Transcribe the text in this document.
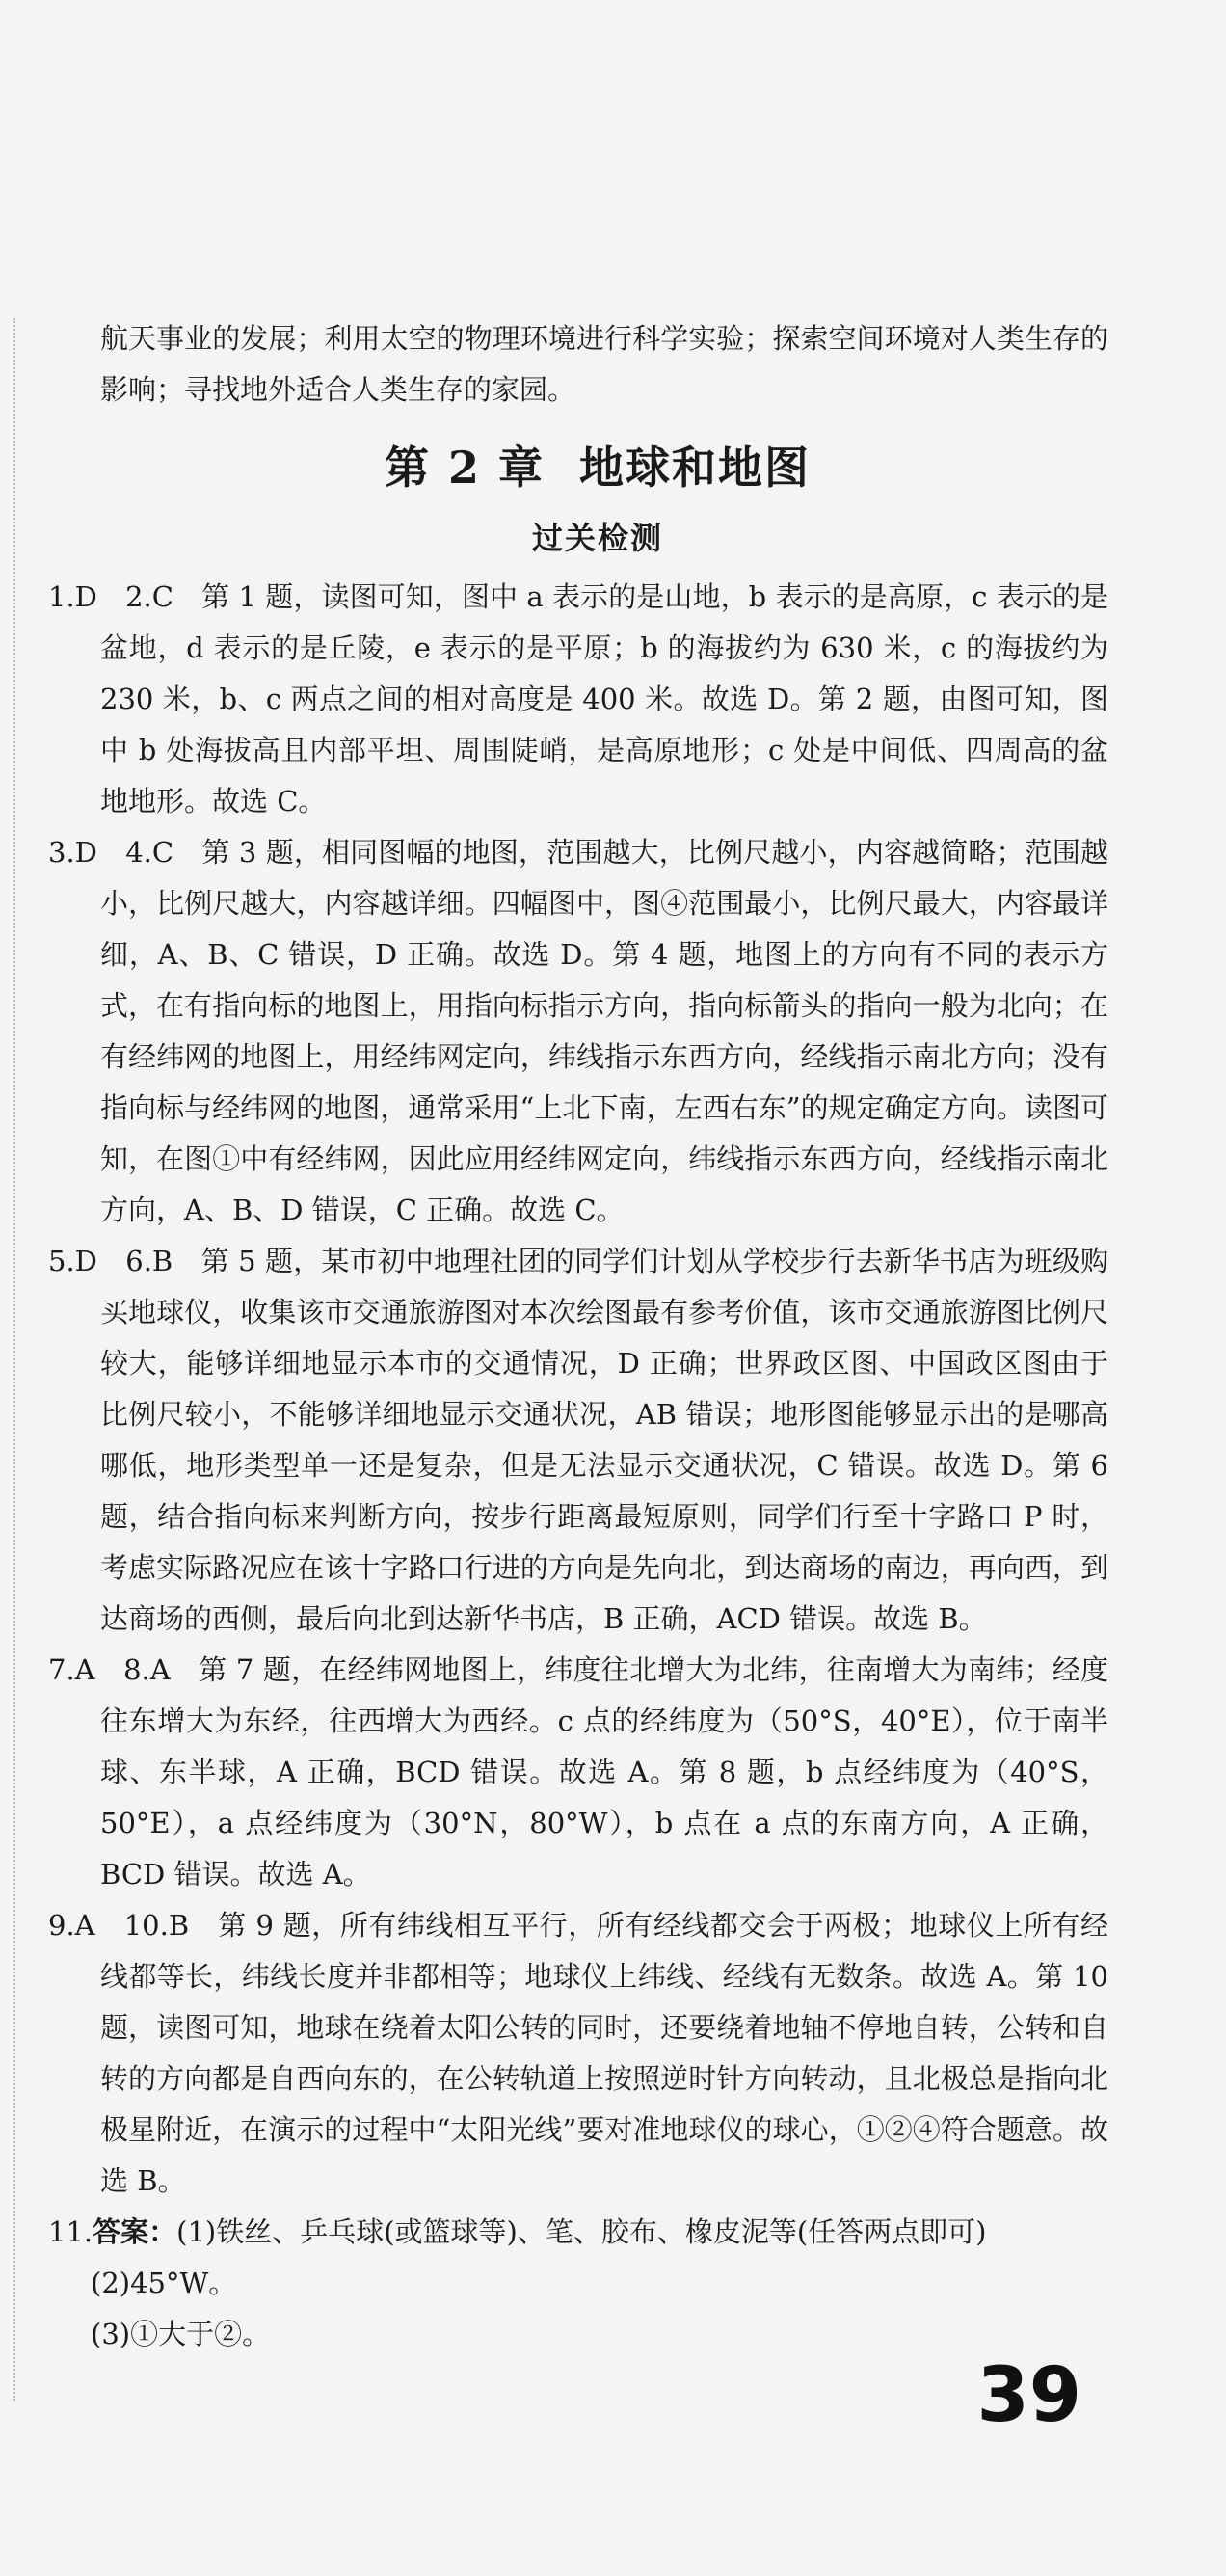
航天事业的发展；利用太空的物理环境进行科学实验；探索空间环境对人类生存的影响；寻找地外适合人类生存的家园。

第 2 章 地球和地图
过关检测

1.D　2.C　第 1 题，读图可知，图中 a 表示的是山地，b 表示的是高原，c 表示的是盆地，d 表示的是丘陵，e 表示的是平原；b 的海拔约为 630 米，c 的海拔约为 230 米，b、c 两点之间的相对高度是 400 米。故选 D。第 2 题，由图可知，图中 b 处海拔高且内部平坦、周围陡峭，是高原地形；c 处是中间低、四周高的盆地地形。故选 C。

3.D　4.C　第 3 题，相同图幅的地图，范围越大，比例尺越小，内容越简略；范围越小，比例尺越大，内容越详细。四幅图中，图④范围最小，比例尺最大，内容最详细，A、B、C 错误，D 正确。故选 D。第 4 题，地图上的方向有不同的表示方式，在有指向标的地图上，用指向标指示方向，指向标箭头的指向一般为北向；在有经纬网的地图上，用经纬网定向，纬线指示东西方向，经线指示南北方向；没有指向标与经纬网的地图，通常采用“上北下南，左西右东”的规定确定方向。读图可知，在图①中有经纬网，因此应用经纬网定向，纬线指示东西方向，经线指示南北方向，A、B、D 错误，C 正确。故选 C。

5.D　6.B　第 5 题，某市初中地理社团的同学们计划从学校步行去新华书店为班级购买地球仪，收集该市交通旅游图对本次绘图最有参考价值，该市交通旅游图比例尺较大，能够详细地显示本市的交通情况，D 正确；世界政区图、中国政区图由于比例尺较小，不能够详细地显示交通状况，AB 错误；地形图能够显示出的是哪高哪低，地形类型单一还是复杂，但是无法显示交通状况，C 错误。故选 D。第 6 题，结合指向标来判断方向，按步行距离最短原则，同学们行至十字路口 P 时，考虑实际路况应在该十字路口行进的方向是先向北，到达商场的南边，再向西，到达商场的西侧，最后向北到达新华书店，B 正确，ACD 错误。故选 B。

7.A　8.A　第 7 题，在经纬网地图上，纬度往北增大为北纬，往南增大为南纬；经度往东增大为东经，往西增大为西经。c 点的经纬度为（50°S，40°E），位于南半球、东半球，A 正确，BCD 错误。故选 A。第 8 题，b 点经纬度为（40°S，50°E），a 点经纬度为（30°N，80°W），b 点在 a 点的东南方向，A 正确，BCD 错误。故选 A。

9.A　10.B　第 9 题，所有纬线相互平行，所有经线都交会于两极；地球仪上所有经线都等长，纬线长度并非都相等；地球仪上纬线、经线有无数条。故选 A。第 10 题，读图可知，地球在绕着太阳公转的同时，还要绕着地轴不停地自转，公转和自转的方向都是自西向东的，在公转轨道上按照逆时针方向转动，且北极总是指向北极星附近，在演示的过程中“太阳光线”要对准地球仪的球心，①②④符合题意。故选 B。

11.答案：(1)铁丝、乒乓球(或篮球等)、笔、胶布、橡皮泥等(任答两点即可)

(2)45°W。

(3)①大于②。

39
